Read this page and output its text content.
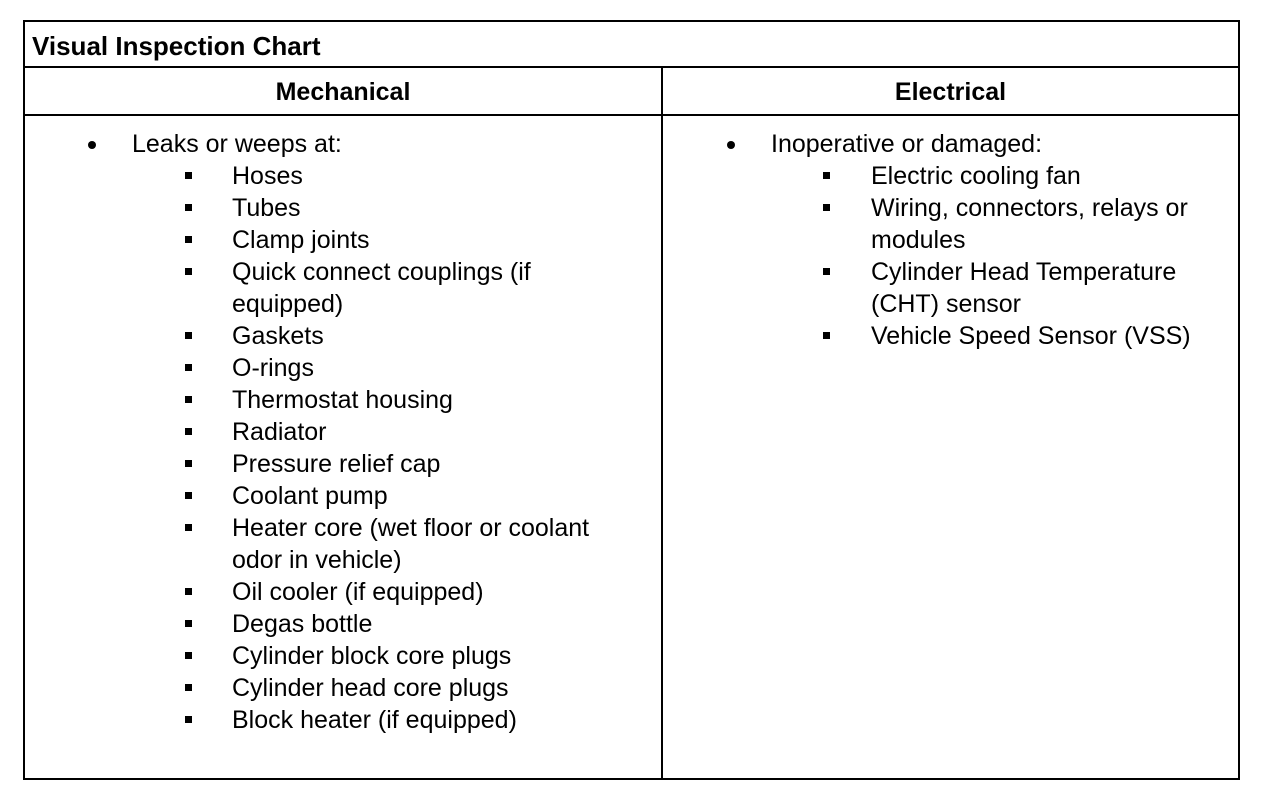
Visual Inspection Chart
Mechanical	Electrical
Leaks or weeps at:
Hoses
Tubes
Clamp joints
Quick connect couplings (if
equipped)
Gaskets
O-rings
Thermostat housing
Radiator
Pressure relief cap
Coolant pump
Heater core (wet floor or coolant
odor in vehicle)
Oil cooler (if equipped)
Degas bottle
Cylinder block core plugs
Cylinder head core plugs
Block heater (if equipped)
Inoperative or damaged:
Electric cooling fan
Wiring, connectors, relays or
modules
Cylinder Head Temperature
(CHT) sensor
Vehicle Speed Sensor (VSS)
